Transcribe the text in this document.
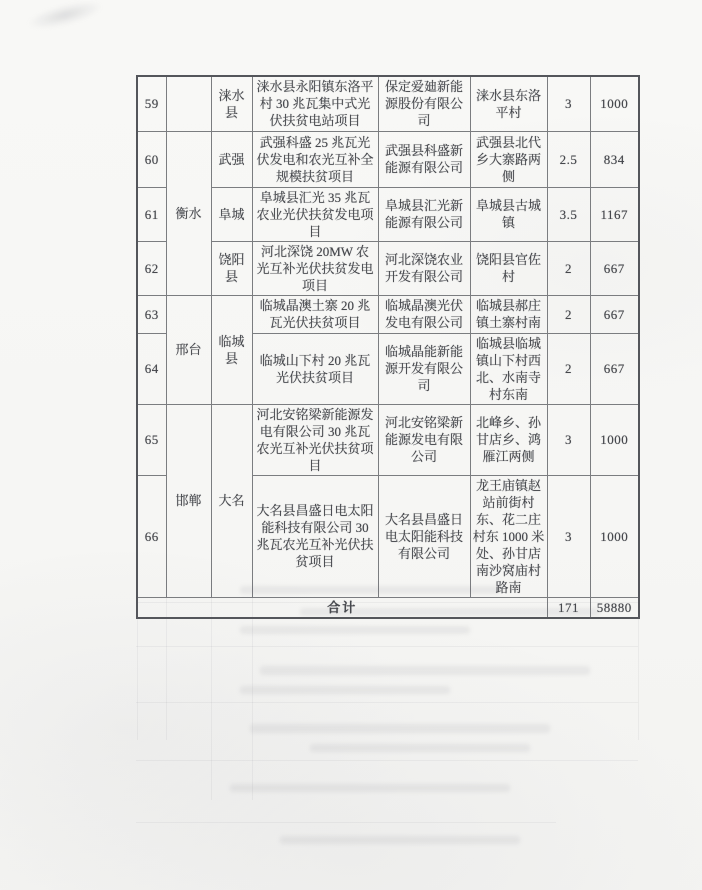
59		涞水县	涞水县永阳镇东洛平村 30 兆瓦集中式光伏扶贫电站项目	保定爱廸新能源股份有限公司	涞水县东洛平村	3	1000
60	衡水	武强	武强科盛 25 兆瓦光伏发电和农光互补全规模扶贫项目	武强县科盛新能源有限公司	武强县北代乡大寨路两侧	2.5	834
61		阜城	阜城县汇光 35 兆瓦农业光伏扶贫发电项目	阜城县汇光新能源有限公司	阜城县古城镇	3.5	1167
62		饶阳县	河北深饶 20MW 农光互补光伏扶贫发电项目	河北深饶农业开发有限公司	饶阳县官佐村	2	667
63	邢台	临城县	临城晶澳土寨 20 兆瓦光伏扶贫项目	临城晶澳光伏发电有限公司	临城县郝庄镇土寨村南	2	667
64			临城山下村 20 兆瓦光伏扶贫项目	临城晶能新能源开发有限公司	临城县临城镇山下村西北、水南寺村东南	2	667
65	邯郸	大名	河北安铭梁新能源发电有限公司 30 兆瓦农光互补光伏扶贫项目	河北安铭梁新能源发电有限公司	北峰乡、孙甘店乡、鸿雁江两侧	3	1000
66			大名县昌盛日电太阳能科技有限公司 30 兆瓦农光互补光伏扶贫项目	大名县昌盛日电太阳能科技有限公司	龙王庙镇赵站前街村东、花二庄村东 1000 米处、孙甘店南沙窝庙村路南	3	1000
合计						171	58880
